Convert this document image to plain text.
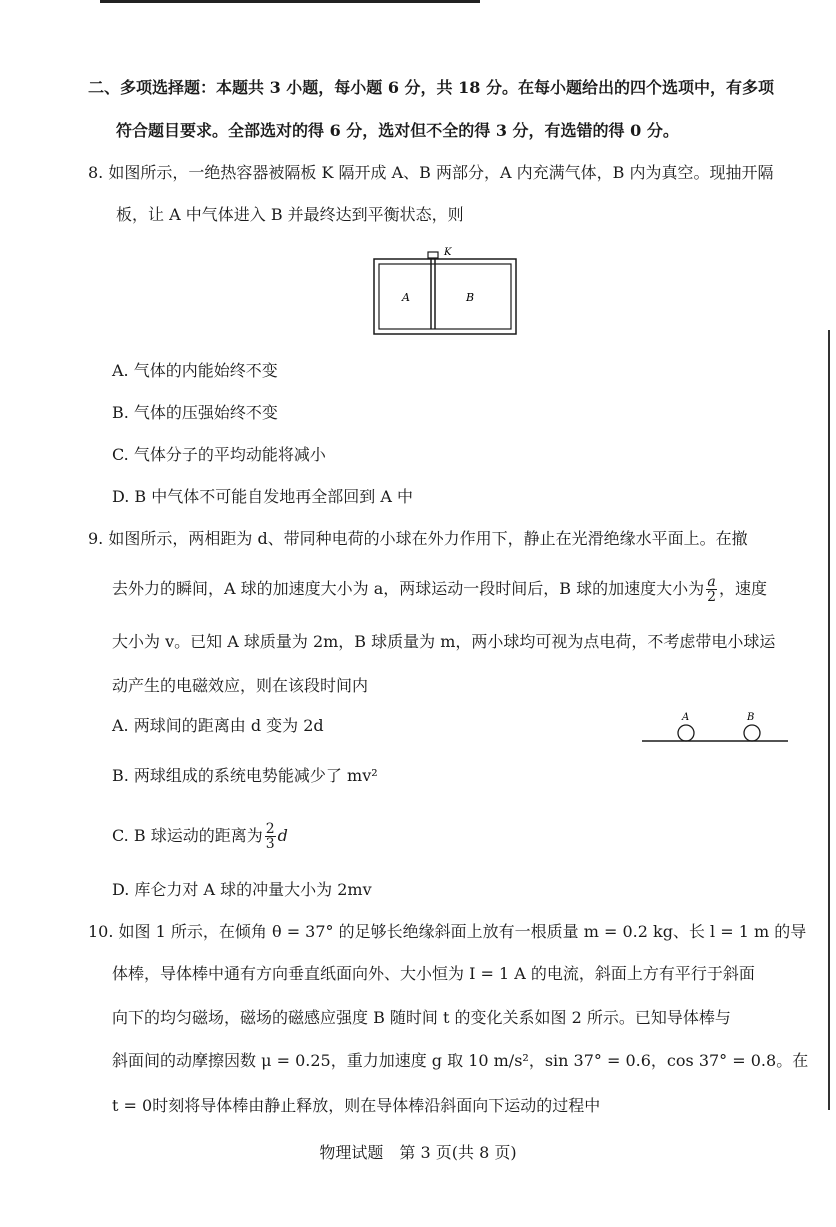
二、多项选择题：本题共 3 小题，每小题 6 分，共 18 分。在每小题给出的四个选项中，有多项
符合题目要求。全部选对的得 6 分，选对但不全的得 3 分，有选错的得 0 分。
8. 如图所示，一绝热容器被隔板 K 隔开成 A、B 两部分，A 内充满气体，B 内为真空。现抽开隔
板，让 A 中气体进入 B 并最终达到平衡状态，则
K
A	B
A. 气体的内能始终不变
B. 气体的压强始终不变
C. 气体分子的平均动能将减小
D. B 中气体不可能自发地再全部回到 A 中
9. 如图所示，两相距为 d、带同种电荷的小球在外力作用下，静止在光滑绝缘水平面上。在撤
去外力的瞬间，A 球的加速度大小为 a，两球运动一段时间后，B 球的加速度大小为 $\frac{a}{2}$ ，速度
大小为 v。已知 A 球质量为 2m，B 球质量为 m，两小球均可视为点电荷，不考虑带电小球运
动产生的电磁效应，则在该段时间内
A	B
A. 两球间的距离由 d 变为 2d
B. 两球组成的系统电势能减少了 mv²
C. B 球运动的距离为 $\frac{2}{3}$ d
D. 库仑力对 A 球的冲量大小为 2mv
10. 如图 1 所示，在倾角 θ = 37° 的足够长绝缘斜面上放有一根质量 m = 0.2 kg、长 l = 1 m 的导
体棒，导体棒中通有方向垂直纸面向外、大小恒为 I = 1 A 的电流，斜面上方有平行于斜面
向下的均匀磁场，磁场的磁感应强度 B 随时间 t 的变化关系如图 2 所示。已知导体棒与
斜面间的动摩擦因数 μ = 0.25，重力加速度 g 取 10 m/s²，sin 37° = 0.6，cos 37° = 0.8。在
t = 0时刻将导体棒由静止释放，则在导体棒沿斜面向下运动的过程中
物理试题　第 3 页(共 8 页)
